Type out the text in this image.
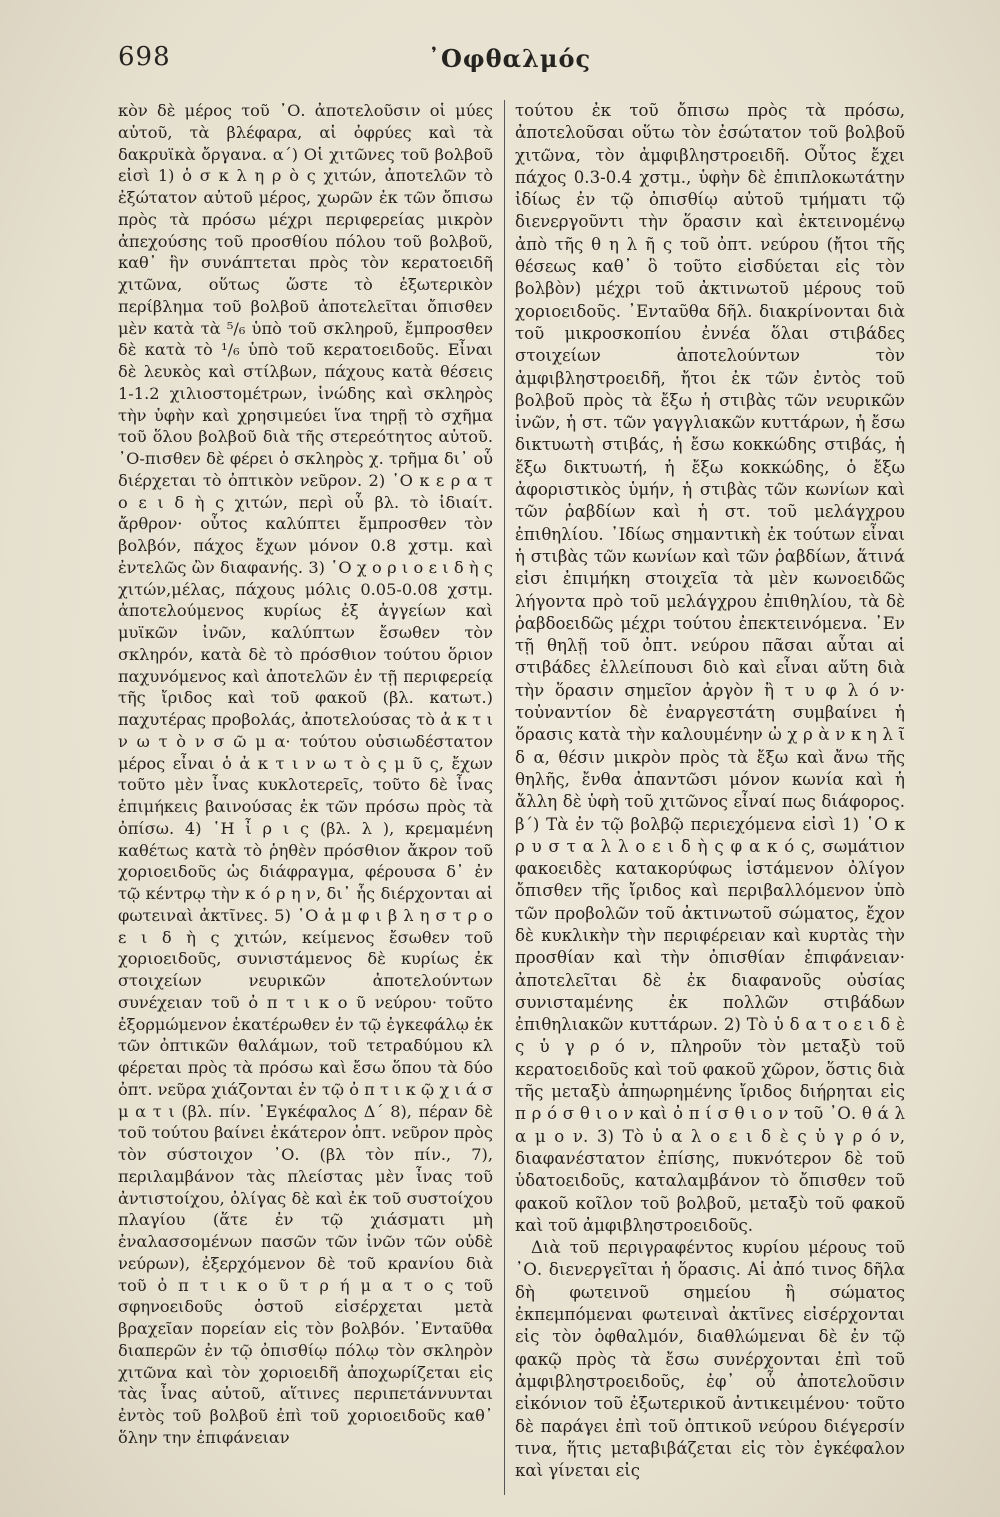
698	᾿Οφθαλμός

κὸν δὲ μέρος τοῦ ᾿Ο. ἀποτελοῦσιν οἱ μύες αὐτοῦ, τὰ βλέφαρα, αἱ ὀφρύες καὶ τὰ δακρυϊκὰ ὄργανα. α΄) Οἱ χιτῶνες τοῦ βολβοῦ εἰσὶ 1) ὁ σ κ λ η ρ ὸ ς χιτών, ἀποτελῶν τὸ ἐξώτατον αὐτοῦ μέρος, χωρῶν ἐκ τῶν ὄπισω πρὸς τὰ πρόσω μέχρι περιφερείας μικρὸν ἀπεχούσης τοῦ προσθίου πόλου τοῦ βολβοῦ, καθ᾿ ἣν συνάπτεται πρὸς τὸν κερατοειδῆ χιτῶνα, οὕτως ὥστε τὸ ἐξωτερικὸν περίβλημα τοῦ βολβοῦ ἀποτελεῖται ὄπισθεν μὲν κατὰ τὰ ⁵/₆ ὑπὸ τοῦ σκληροῦ, ἔμπροσθεν δὲ κατὰ τὸ ¹/₆ ὑπὸ τοῦ κερατοειδοῦς. Εἶναι δὲ λευκὸς καὶ στίλβων, πάχους κατὰ θέσεις 1-1.2 χιλιοστομέτρων, ἰνώδης καὶ σκληρὸς τὴν ὑφὴν καὶ χρησιμεύει ἵνα τηρῇ τὸ σχῆμα τοῦ ὅλου βολβοῦ διὰ τῆς στερεότητος αὐτοῦ. ᾿Ο-πισθεν δὲ φέρει ὁ σκληρὸς χ. τρῆμα δι᾿ οὗ διέρχεται τὸ ὀπτικὸν νεῦρον. 2) ῾Ο κ ε ρ α τ ο ε ι δ ὴ ς χιτών, περὶ οὗ βλ. τὸ ἰδιαίτ. ἄρθρον· οὗτος καλύπτει ἔμπροσθεν τὸν βολβόν, πάχος ἔχων μόνον 0.8 χστμ. καὶ ἐντελῶς ὢν διαφανής. 3) ῾Ο χ ο ρ ι ο ε ι δ ὴ ς χιτών,μέλας, πάχους μόλις 0.05-0.08 χστμ. ἀποτελούμενος κυρίως ἐξ ἀγγείων καὶ μυϊκῶν ἰνῶν, καλύπτων ἔσωθεν τὸν σκληρόν, κατὰ δὲ τὸ πρόσθιον τούτου ὅριον παχυνόμενος καὶ ἀποτελῶν ἐν τῇ περιφερείᾳ τῆς ἴριδος καὶ τοῦ φακοῦ (βλ. κατωτ.) παχυτέρας προβολάς, ἀποτελούσας τὸ ἀ κ τ ι ν ω τ ὸ ν σ ῶ μ α· τούτου οὐσιωδέστατον μέρος εἶναι ὁ ἀ κ τ ι ν ω τ ὸ ς μ ῦ ς, ἔχων τοῦτο μὲν ἶνας κυκλοτερεῖς, τοῦτο δὲ ἶνας ἐπιμήκεις βαινούσας ἐκ τῶν πρόσω πρὸς τὰ ὀπίσω. 4) ῾Η ἶ ρ ι ς (βλ. λ ), κρεμαμένη καθέτως κατὰ τὸ ῥηθὲν πρόσθιον ἄκρον τοῦ χοριοειδοῦς ὡς διάφραγμα, φέρουσα δ᾿ ἐν τῷ κέντρῳ τὴν κ ό ρ η ν, δι᾿ ἧς διέρχονται αἱ φωτειναὶ ἀκτῖνες. 5) ῾Ο ἀ μ φ ι β λ η σ τ ρ ο ε ι δ ὴ ς χιτών, κείμενος ἔσωθεν τοῦ χοριοειδοῦς, συνιστάμενος δὲ κυρίως ἐκ στοιχείων νευρικῶν ἀποτελούντων συνέχειαν τοῦ ὀ π τ ι κ ο ῦ νεύρου· τοῦτο ἐξορμώμενον ἑκατέρωθεν ἐν τῷ ἐγκεφάλῳ ἐκ τῶν ὀπτικῶν θαλάμων, τοῦ τετραδύμου κλ φέρεται πρὸς τὰ πρόσω καὶ ἔσω ὅπου τὰ δύο ὀπτ. νεῦρα χιάζονται ἐν τῷ ὀ π τ ι κ ῷ χ ι ά σ μ α τ ι (βλ. πίν. ᾿Εγκέφαλος Δ΄ 8), πέραν δὲ τοῦ τούτου βαίνει ἑκάτερον ὀπτ. νεῦρον πρὸς τὸν σύστοιχον ᾿Ο. (βλ τὸν πίν., 7), περιλαμβάνον τὰς πλείστας μὲν ἶνας τοῦ ἀντιστοίχου, ὀλίγας δὲ καὶ ἐκ τοῦ συστοίχου πλαγίου (ἅτε ἐν τῷ χιάσματι μὴ ἐναλασσομένων πασῶν τῶν ἰνῶν τῶν οὐδὲ νεύρων), ἐξερχόμενον δὲ τοῦ κρανίου διὰ τοῦ ὀ π τ ι κ ο ῦ τ ρ ή μ α τ ο ς τοῦ σφηνοειδοῦς ὀστοῦ εἰσέρχεται μετὰ βραχεῖαν πορείαν εἰς τὸν βολβόν. ᾿Ενταῦθα διαπερῶν ἐν τῷ ὀπισθίῳ πόλῳ τὸν σκληρὸν χιτῶνα καὶ τὸν χοριοειδῆ ἀποχωρίζεται εἰς τὰς ἶνας αὐτοῦ, αἵτινες περιπετάννυνται ἐντὸς τοῦ βολβοῦ ἐπὶ τοῦ χοριοειδοῦς καθ᾿ ὅλην την ἐπιφάνειαν

τούτου ἐκ τοῦ ὄπισω πρὸς τὰ πρόσω, ἀποτελοῦσαι οὕτω τὸν ἐσώτατον τοῦ βολβοῦ χιτῶνα, τὸν ἀμφιβληστροειδῆ. Οὗτος ἔχει πάχος 0.3-0.4 χστμ., ὑφὴν δὲ ἐπιπλοκωτάτην ἰδίως ἐν τῷ ὀπισθίῳ αὐτοῦ τμήματι τῷ διενεργοῦντι τὴν ὅρασιν καὶ ἐκτεινομένῳ ἀπὸ τῆς θ η λ ῆ ς τοῦ ὀπτ. νεύρου (ἤτοι τῆς θέσεως καθ᾿ ὃ τοῦτο εἰσδύεται εἰς τὸν βολβὸν) μέχρι τοῦ ἀκτινωτοῦ μέρους τοῦ χοριοειδοῦς. ᾿Ενταῦθα δῆλ. διακρίνονται διὰ τοῦ μικροσκοπίου ἐννέα ὅλαι στιβάδες στοιχείων ἀποτελούντων τὸν ἀμφιβληστροειδῆ, ἤτοι ἐκ τῶν ἐντὸς τοῦ βολβοῦ πρὸς τὰ ἔξω ἡ στιβὰς τῶν νευρικῶν ἰνῶν, ἡ στ. τῶν γαγγλιακῶν κυττάρων, ἡ ἔσω δικτυωτὴ στιβάς, ἡ ἔσω κοκκώδης στιβάς, ἡ ἔξω δικτυωτή, ἡ ἔξω κοκκώδης, ὁ ἔξω ἀφοριστικὸς ὑμήν, ἡ στιβὰς τῶν κωνίων καὶ τῶν ῥαβδίων καὶ ἡ στ. τοῦ μελάγχρου ἐπιθηλίου. ᾿Ιδίως σημαντικὴ ἐκ τούτων εἶναι ἡ στιβὰς τῶν κωνίων καὶ τῶν ῥαβδίων, ἅτινά εἰσι ἐπιμήκη στοιχεῖα τὰ μὲν κωνοειδῶς λήγοντα πρὸ τοῦ μελάγχρου ἐπιθηλίου, τὰ δὲ ῥαβδοειδῶς μέχρι τούτου ἐπεκτεινόμενα. ᾿Εν τῇ θηλῇ τοῦ ὀπτ. νεύρου πᾶσαι αὗται αἱ στιβάδες ἐλλείπουσι διὸ καὶ εἶναι αὕτη διὰ τὴν ὅρασιν σημεῖον ἀργὸν ἢ τ υ φ λ ό ν· τοὐναντίον δὲ ἐναργεστάτη συμβαίνει ἡ ὅρασις κατὰ τὴν καλουμένην ὠ χ ρ ὰ ν κ η λ ῖ δ α, θέσιν μικρὸν πρὸς τὰ ἔξω καὶ ἄνω τῆς θηλῆς, ἔνθα ἀπαντῶσι μόνον κωνία καὶ ἡ ἄλλη δὲ ὑφὴ τοῦ χιτῶνος εἶναί πως διάφορος. β΄) Τὰ ἐν τῷ βολβῷ περιεχόμενα εἰσὶ 1) ῾Ο κ ρ υ σ τ α λ λ ο ε ι δ ὴ ς φ α κ ό ς, σωμάτιον φακοειδὲς κατακορύφως ἱστάμενον ὀλίγον ὄπισθεν τῆς ἴριδος καὶ περιβαλλόμενον ὑπὸ τῶν προβολῶν τοῦ ἀκτινωτοῦ σώματος, ἔχον δὲ κυκλικὴν τὴν περιφέρειαν καὶ κυρτὰς τὴν προσθίαν καὶ τὴν ὀπισθίαν ἐπιφάνειαν· ἀποτελεῖται δὲ ἐκ διαφανοῦς οὐσίας συνισταμένης ἐκ πολλῶν στιβάδων ἐπιθηλιακῶν κυττάρων. 2) Τὸ ὑ δ α τ ο ε ι δ ὲ ς ὑ γ ρ ό ν, πληροῦν τὸν μεταξὺ τοῦ κερατοειδοῦς καὶ τοῦ φακοῦ χῶρον, ὅστις διὰ τῆς μεταξὺ ἀπηωρημένης ἴριδος διήρηται εἰς π ρ ό σ θ ι ο ν καὶ ὀ π ί σ θ ι ο ν τοῦ ᾿Ο. θ ά λ α μ ο ν. 3) Τὸ ὑ α λ ο ε ι δ ὲ ς ὑ γ ρ ό ν, διαφανέστατον ἐπίσης, πυκνότερον δὲ τοῦ ὑδατοειδοῦς, καταλαμβάνον τὸ ὄπισθεν τοῦ φακοῦ κοῖλον τοῦ βολβοῦ, μεταξὺ τοῦ φακοῦ καὶ τοῦ ἀμφιβληστροειδοῦς.

Διὰ τοῦ περιγραφέντος κυρίου μέρους τοῦ ᾿Ο. διενεργεῖται ἡ ὅρασις. Αἱ ἀπό τινος δῆλα δὴ φωτεινοῦ σημείου ἢ σώματος ἐκπεμπόμεναι φωτειναὶ ἀκτῖνες εἰσέρχονται εἰς τὸν ὀφθαλμόν, διαθλώμεναι δὲ ἐν τῷ φακῷ πρὸς τὰ ἔσω συνέρχονται ἐπὶ τοῦ ἀμφιβληστροειδοῦς, ἐφ᾿ οὗ ἀποτελοῦσιν εἰκόνιον τοῦ ἐξωτερικοῦ ἀντικειμένου· τοῦτο δὲ παράγει ἐπὶ τοῦ ὀπτικοῦ νεύρου διέγερσίν τινα, ἥτις μεταβιβάζεται εἰς τὸν ἐγκέφαλον καὶ γίνεται εἰς
